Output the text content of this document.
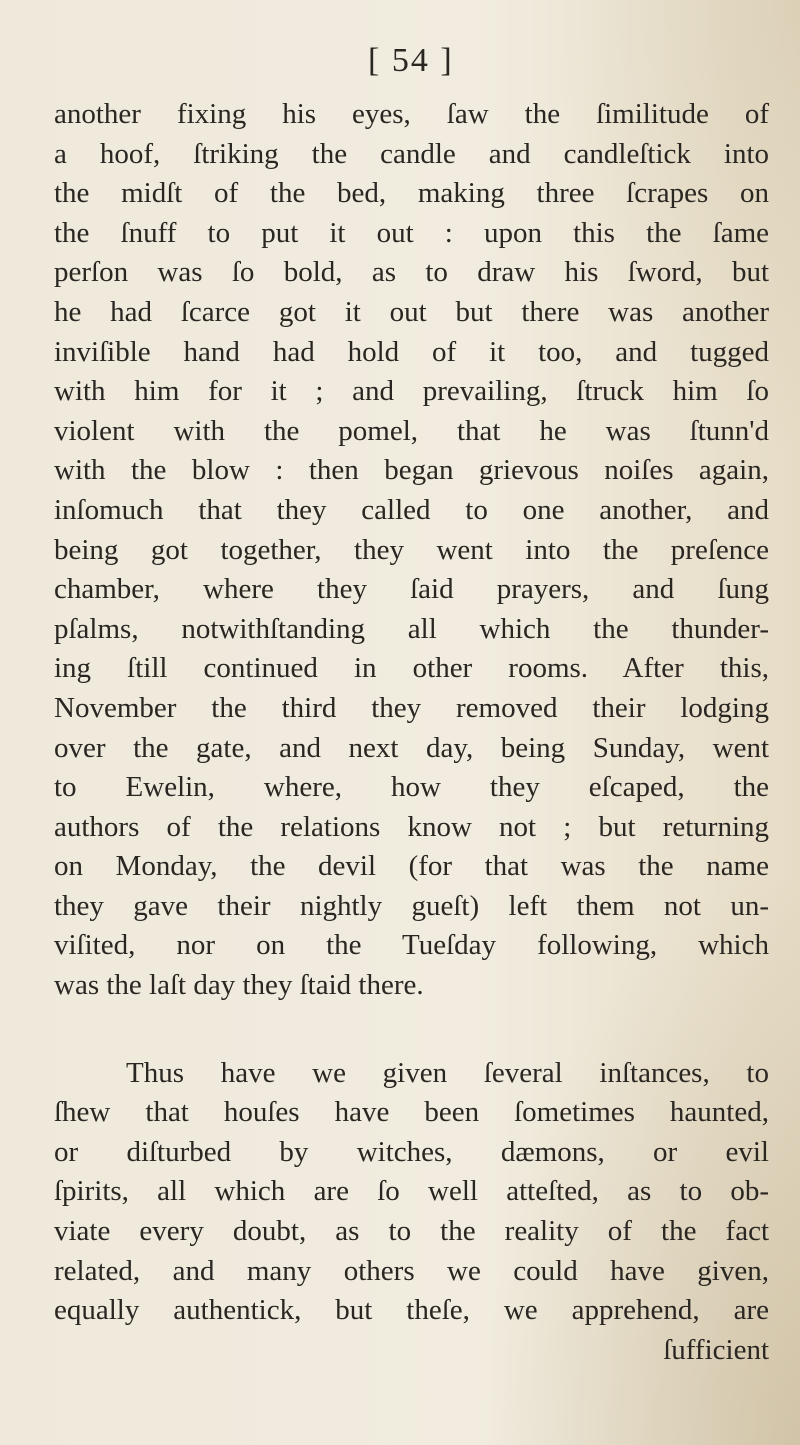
[ 54 ]
another fixing his eyes, ſaw the ſimilitude of
a hoof, ſtriking the candle and candleſtick into
the midſt of the bed, making three ſcrapes on
the ſnuff to put it out : upon this the ſame
perſon was ſo bold, as to draw his ſword, but
he had ſcarce got it out but there was another
inviſible hand had hold of it too, and tugged
with him for it ; and prevailing, ſtruck him ſo
violent with the pomel, that he was ſtunn'd
with the blow : then began grievous noiſes again,
inſomuch that they called to one another, and
being got together, they went into the preſence
chamber, where they ſaid prayers, and ſung
pſalms, notwithſtanding all which the thunder-
ing ſtill continued in other rooms. After this,
November the third they removed their lodging
over the gate, and next day, being Sunday, went
to Ewelin, where, how they eſcaped, the
authors of the relations know not ; but returning
on Monday, the devil (for that was the name
they gave their nightly gueſt) left them not un-
viſited, nor on the Tueſday following, which
was the laſt day they ſtaid there.
Thus have we given ſeveral inſtances, to
ſhew that houſes have been ſometimes haunted,
or diſturbed by witches, dæmons, or evil
ſpirits, all which are ſo well atteſted, as to ob-
viate every doubt, as to the reality of the fact
related, and many others we could have given,
equally authentick, but theſe, we apprehend, are
ſufficient
